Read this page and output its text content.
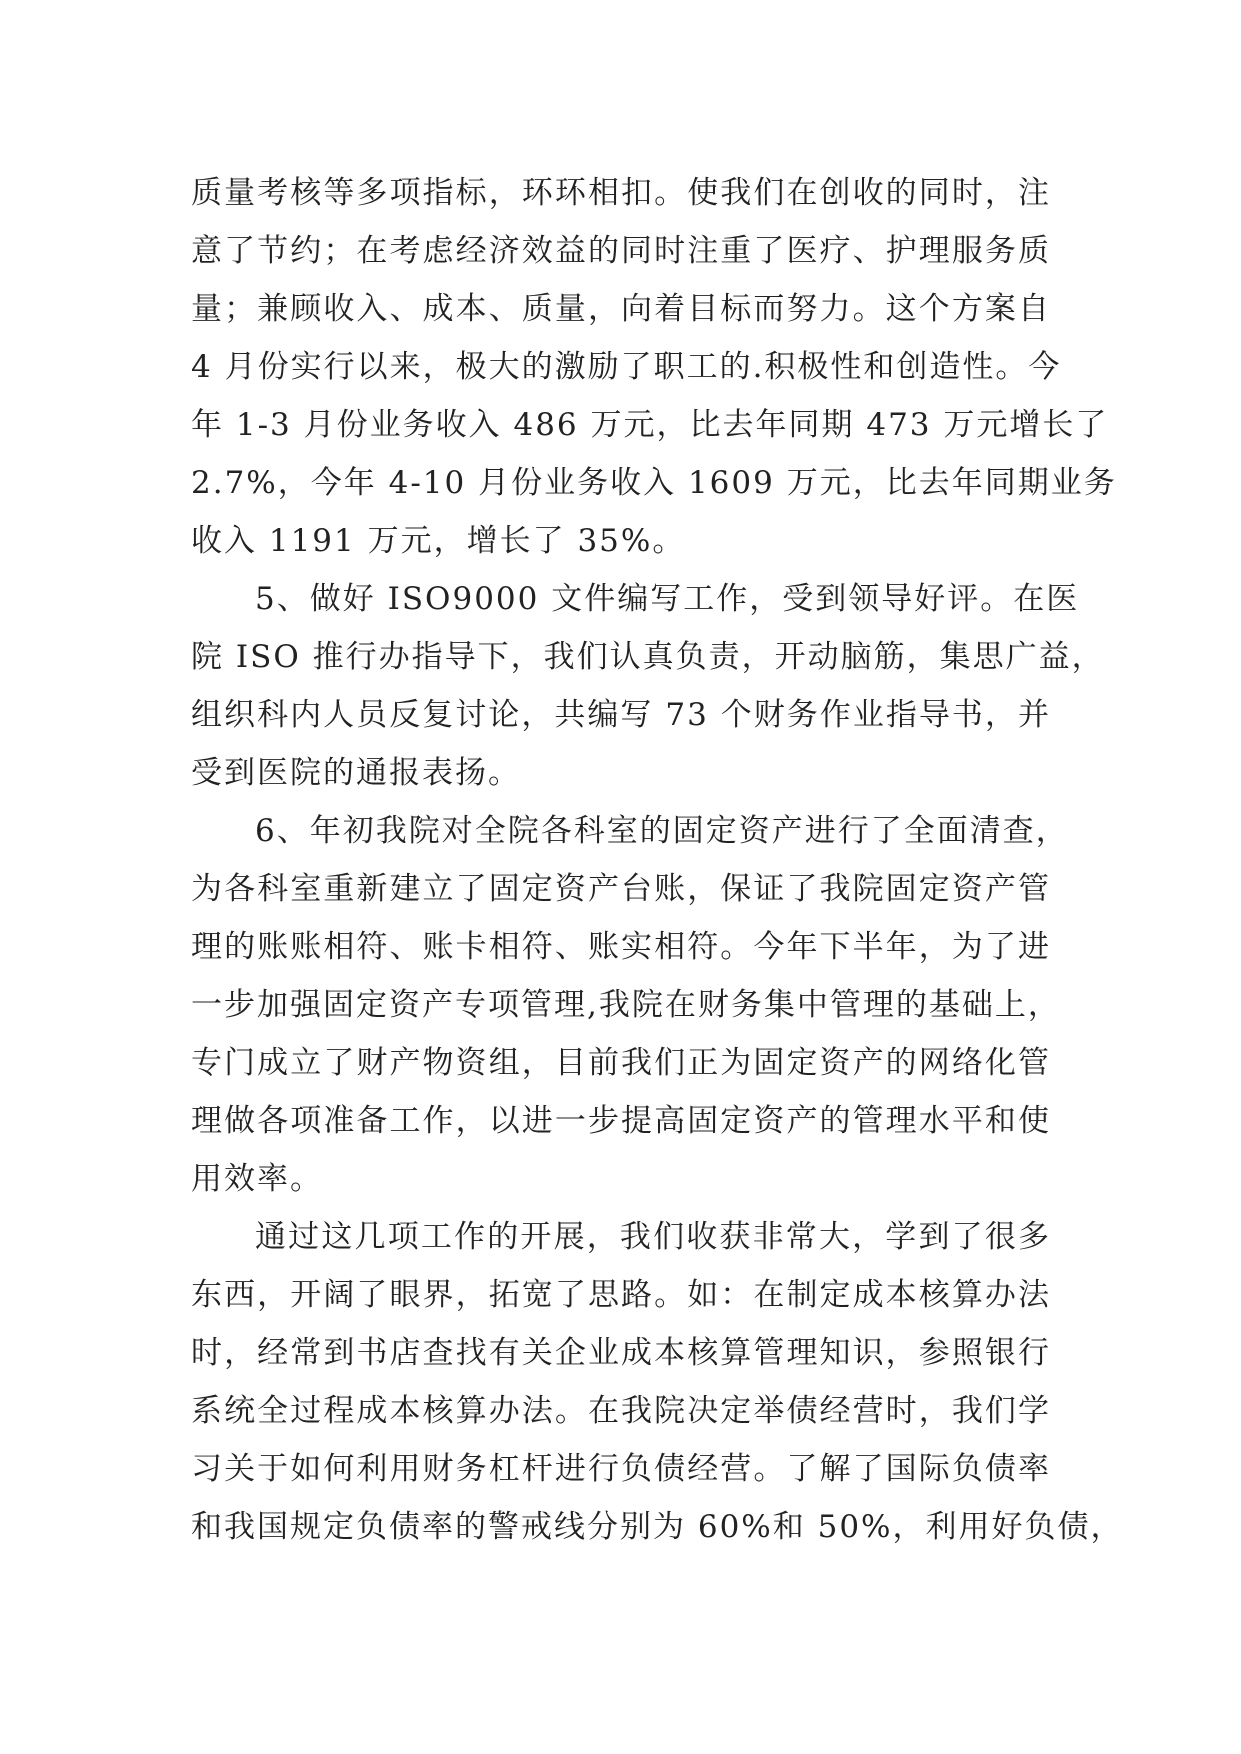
质量考核等多项指标，环环相扣。使我们在创收的同时，注
意了节约；在考虑经济效益的同时注重了医疗、护理服务质
量；兼顾收入、成本、质量，向着目标而努力。这个方案自
4 月份实行以来，极大的激励了职工的.积极性和创造性。今
年 1-3 月份业务收入 486 万元，比去年同期 473 万元增长了
2.7%，今年 4-10 月份业务收入 1609 万元，比去年同期业务
收入 1191 万元，增长了 35%。
5、做好 ISO9000 文件编写工作，受到领导好评。在医
院 ISO 推行办指导下，我们认真负责，开动脑筋，集思广益，
组织科内人员反复讨论，共编写 73 个财务作业指导书，并
受到医院的通报表扬。
6、年初我院对全院各科室的固定资产进行了全面清查，
为各科室重新建立了固定资产台账，保证了我院固定资产管
理的账账相符、账卡相符、账实相符。今年下半年，为了进
一步加强固定资产专项管理,我院在财务集中管理的基础上，
专门成立了财产物资组，目前我们正为固定资产的网络化管
理做各项准备工作，以进一步提高固定资产的管理水平和使
用效率。
通过这几项工作的开展，我们收获非常大，学到了很多
东西，开阔了眼界，拓宽了思路。如：在制定成本核算办法
时，经常到书店查找有关企业成本核算管理知识，参照银行
系统全过程成本核算办法。在我院决定举债经营时，我们学
习关于如何利用财务杠杆进行负债经营。了解了国际负债率
和我国规定负债率的警戒线分别为 60%和 50%，利用好负债，
